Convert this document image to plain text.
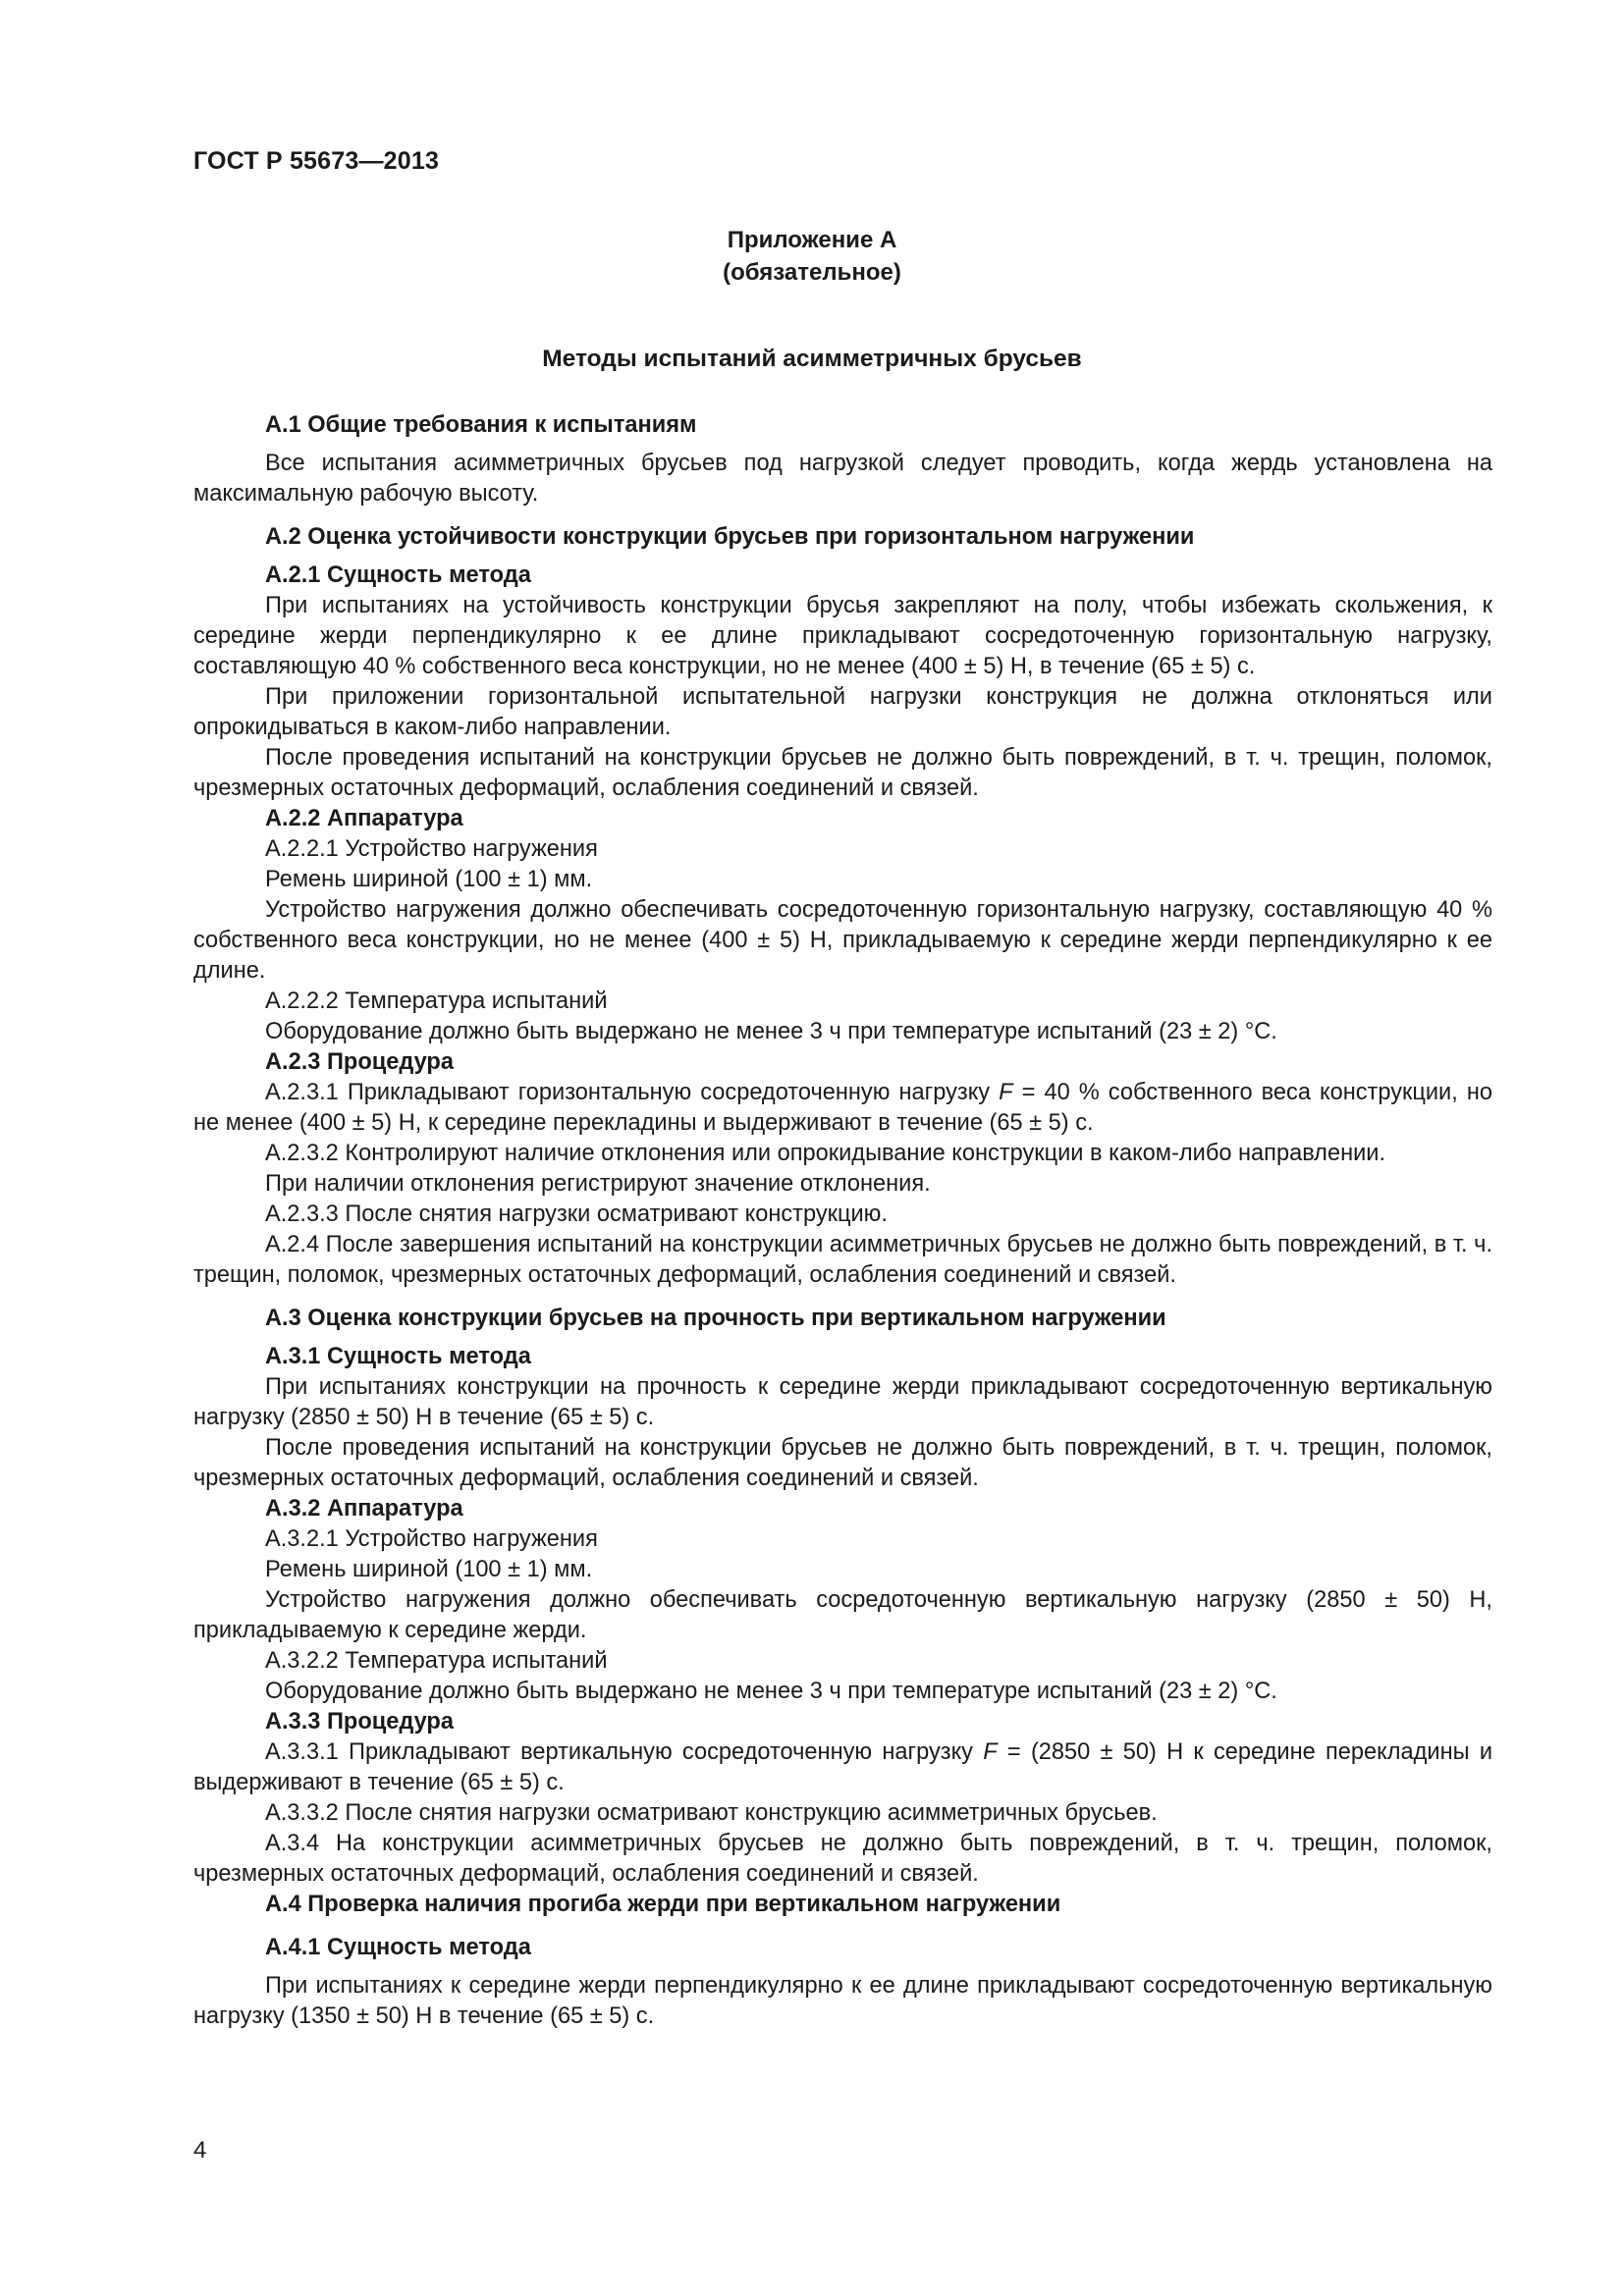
ГОСТ Р 55673—2013
Приложение А
(обязательное)
Методы испытаний асимметричных брусьев

А.1 Общие требования к испытаниям

Все испытания асимметричных брусьев под нагрузкой следует проводить, когда жердь установлена на максимальную рабочую высоту.

А.2 Оценка устойчивости конструкции брусьев при горизонтальном нагружении

А.2.1 Сущность метода

При испытаниях на устойчивость конструкции брусья закрепляют на полу, чтобы избежать скольжения, к середине жерди перпендикулярно к ее длине прикладывают сосредоточенную горизонтальную нагрузку, составляющую 40 % собственного веса конструкции, но не менее (400 ± 5) Н, в течение (65 ± 5) с.

При приложении горизонтальной испытательной нагрузки конструкция не должна отклоняться или опрокидываться в каком-либо направлении.

После проведения испытаний на конструкции брусьев не должно быть повреждений, в т. ч. трещин, поломок, чрезмерных остаточных деформаций, ослабления соединений и связей.

А.2.2 Аппаратура

А.2.2.1 Устройство нагружения

Ремень шириной (100 ± 1) мм.

Устройство нагружения должно обеспечивать сосредоточенную горизонтальную нагрузку, составляющую 40 % собственного веса конструкции, но не менее (400 ± 5) Н, прикладываемую к середине жерди перпендикулярно к ее длине.

А.2.2.2 Температура испытаний

Оборудование должно быть выдержано не менее 3 ч при температуре испытаний (23 ± 2) °С.

А.2.3 Процедура

А.2.3.1 Прикладывают горизонтальную сосредоточенную нагрузку F = 40 % собственного веса конструкции, но не менее (400 ± 5) Н, к середине перекладины и выдерживают в течение (65 ± 5) с.

А.2.3.2 Контролируют наличие отклонения или опрокидывание конструкции в каком-либо направлении.

При наличии отклонения регистрируют значение отклонения.

А.2.3.3 После снятия нагрузки осматривают конструкцию.

А.2.4 После завершения испытаний на конструкции асимметричных брусьев не должно быть повреждений, в т. ч. трещин, поломок, чрезмерных остаточных деформаций, ослабления соединений и связей.

А.3 Оценка конструкции брусьев на прочность при вертикальном нагружении

А.3.1 Сущность метода

При испытаниях конструкции на прочность к середине жерди прикладывают сосредоточенную вертикальную нагрузку (2850 ± 50) Н в течение (65 ± 5) с.

После проведения испытаний на конструкции брусьев не должно быть повреждений, в т. ч. трещин, поломок, чрезмерных остаточных деформаций, ослабления соединений и связей.

А.3.2 Аппаратура

А.3.2.1 Устройство нагружения

Ремень шириной (100 ± 1) мм.

Устройство нагружения должно обеспечивать сосредоточенную вертикальную нагрузку (2850 ± 50) Н, прикладываемую к середине жерди.

А.3.2.2 Температура испытаний

Оборудование должно быть выдержано не менее 3 ч при температуре испытаний (23 ± 2) °С.

А.3.3 Процедура

А.3.3.1 Прикладывают вертикальную сосредоточенную нагрузку F = (2850 ± 50) Н к середине перекладины и выдерживают в течение (65 ± 5) с.

А.3.3.2 После снятия нагрузки осматривают конструкцию асимметричных брусьев.

А.3.4 На конструкции асимметричных брусьев не должно быть повреждений, в т. ч. трещин, поломок, чрезмерных остаточных деформаций, ослабления соединений и связей.

А.4 Проверка наличия прогиба жерди при вертикальном нагружении

А.4.1 Сущность метода

При испытаниях к середине жерди перпендикулярно к ее длине прикладывают сосредоточенную вертикальную нагрузку (1350 ± 50) Н в течение (65 ± 5) с.

4
